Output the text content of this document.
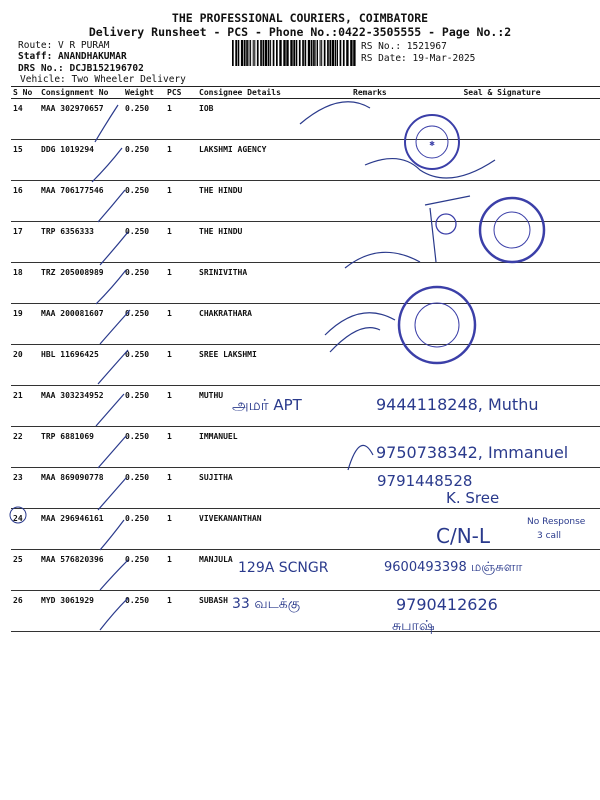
THE PROFESSIONAL COURIERS, COIMBATORE
Delivery Runsheet - PCS - Phone No.:0422-3505555 - Page No.:2
Route: V R PURAM
Staff: ANANDHAKUMAR
DRS No.: DCJB152196702
Vehicle: Two Wheeler Delivery
RS No.: 1521967
RS Date: 19-Mar-2025
S No	Consignment No	Weight	PCS	Consignee Details	Remarks	Seal & Signature
14	MAA 302970657	0.250	1	IOB		
15	DDG 1019294	0.250	1	LAKSHMI AGENCY		
16	MAA 706177546	0.250	1	THE HINDU		
17	TRP 6356333	0.250	1	THE HINDU		
18	TRZ 205008989	0.250	1	SRINIVITHA		
19	MAA 200081607	0.250	1	CHAKRATHARA		
20	HBL 11696425	0.250	1	SREE LAKSHMI		
21	MAA 303234952	0.250	1	MUTHU		
22	TRP 6881069	0.250	1	IMMANUEL		
23	MAA 869090778	0.250	1	SUJITHA		
24	MAA 296946161	0.250	1	VIVEKANANTHAN		
25	MAA 576820396	0.250	1	MANJULA		
26	MYD 3061929	0.250	1	SUBASH		
✱
அமர் APT	9444118248, Muthu
9750738342, Immanuel
9791448528
K. Sree
C/N-L
No Response
3 call
129A SCNGR	9600493398 மஞ்சுளா
33 வடக்கு	9790412626
சுபாஷ்
